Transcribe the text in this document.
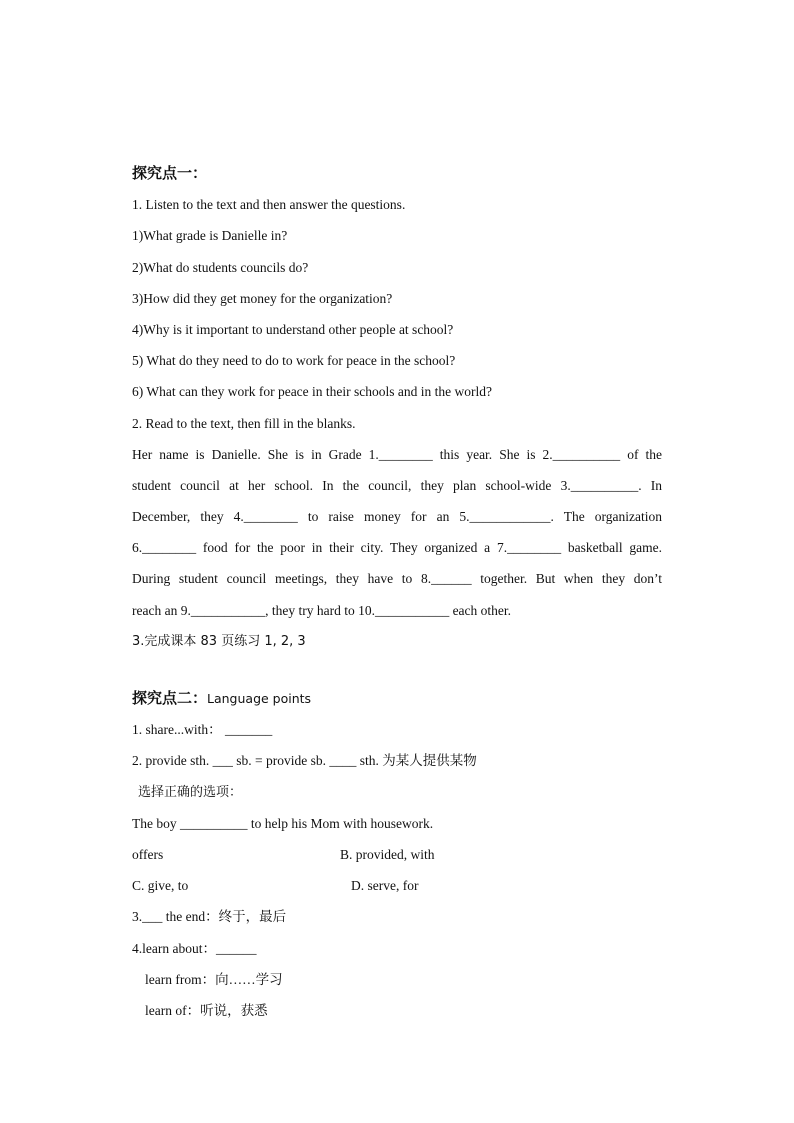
探究点一：
1. Listen to the text and then answer the questions.
1)What grade is Danielle in?
2)What do students councils do?
3)How did they get money for the organization?
4)Why is it important to understand other people at school?
5) What do they need to do to work for peace in the school?
6) What can they work for peace in their schools and in the world?
2. Read to the text, then fill in the blanks.
Her name is Danielle. She is in Grade 1.________ this year. She is 2.__________ of the
student council at her school. In the council, they plan school-wide 3.__________. In
December, they 4.________ to raise money for an 5.____________. The organization
6.________ food for the poor in their city. They organized a 7.________ basketball game.
During student council meetings, they have to 8.______ together. But when they don’t
reach an 9.___________, they try hard to 10.___________ each other.
3.完成课本 83 页练习 1, 2, 3
探究点二：Language points
1. share...with： _______
2. provide sth. ___ sb. = provide sb. ____ sth. 为某人提供某物
选择正确的选项：
The boy __________ to help his Mom with housework.
offers	B. provided, with
C. give, to	D. serve, for
3.___ the end：终于，最后
4.learn about：______
learn from：向……学习
learn of：听说，获悉
